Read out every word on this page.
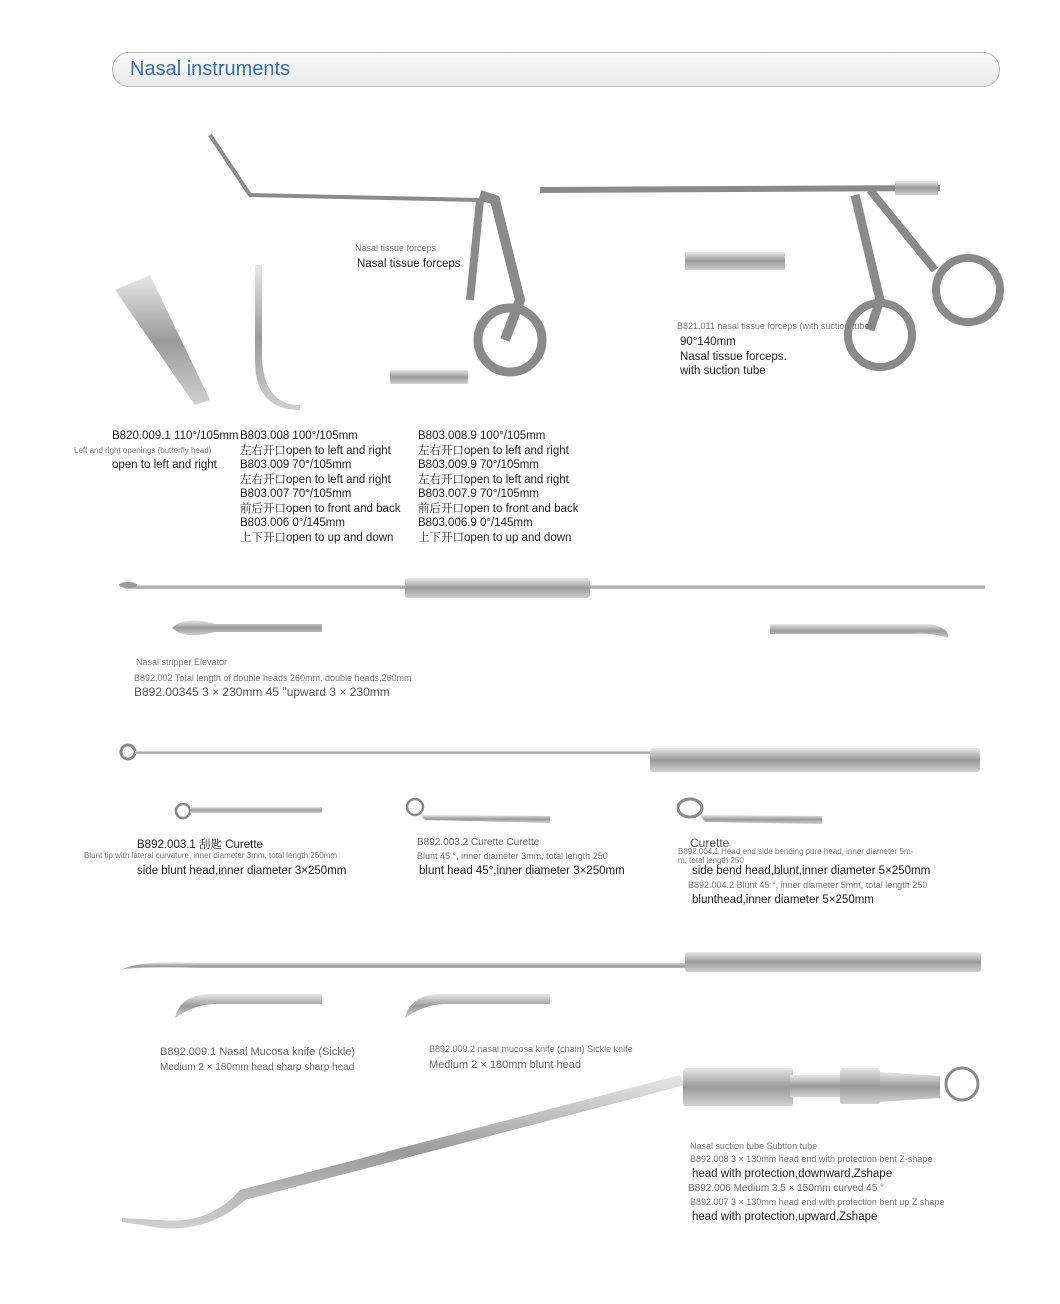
Nasal instruments
Nasal tissue forceps
Nasal tissue forceps
B821.011 nasal tissue forceps (with suction tube)
90°140mm
Nasal tissue forceps.
with suction tube
B820.009.1 110°/105mm
Left and right openings (butterfly head)
open to left and right
B803.008 100°/105mm
左右开口open to left and right
B803.009 70°/105mm
左右开口open to left and right
B803.007 70°/105mm
前后开口open to front and back
B803.006 0°/145mm
上下开口open to up and down
B803.008.9 100°/105mm
左右开口open to left and right
B803.009.9 70°/105mm
左右开口open to left and right
B803.007.9 70°/105mm
前后开口open to front and back
B803.006.9 0°/145mm
上下开口open to up and down
Nasal stripper Elevator
B892.002 Total length of double heads 260mm, double heads,260mm
B892.00345 3 × 230mm 45 "upward 3 × 230mm
B892.003.1 刮匙 Curette
Blunt tip with lateral curvature, inner diameter 3mm, total length 250mm
side blunt head,inner diameter 3×250mm
B892.003.2 Curette Curette
Blunt 45 °, inner diameter 3mm, total length 250
blunt head 45°,inner diameter 3×250mm
Curette
B892.004.1 Head end side bending pure head, inner diameter 5m-
m, total length 250
side bend head,blunt,inner diameter 5×250mm
B892.004.2 Blunt 45 °, inner diameter 5mm, total length 250
blunthead,inner diameter 5×250mm
B892.009.1 Nasal Mucosa knife (Sickle)
Medium 2 × 180mm head sharp sharp head
B892.009.2 nasal mucosa knife (chain) Sickle knife
Medium 2 × 180mm blunt head
Nasal suction tube Subtion tube
B892.008 3 × 130mm head end with protection bent Z-shape
head with protection,downward,Zshape
B892.006 Medium 3.5 × 150mm curved 45 °
B892.007 3 × 130mm head end with protection bent up Z shape
head with protection,upward,Zshape
